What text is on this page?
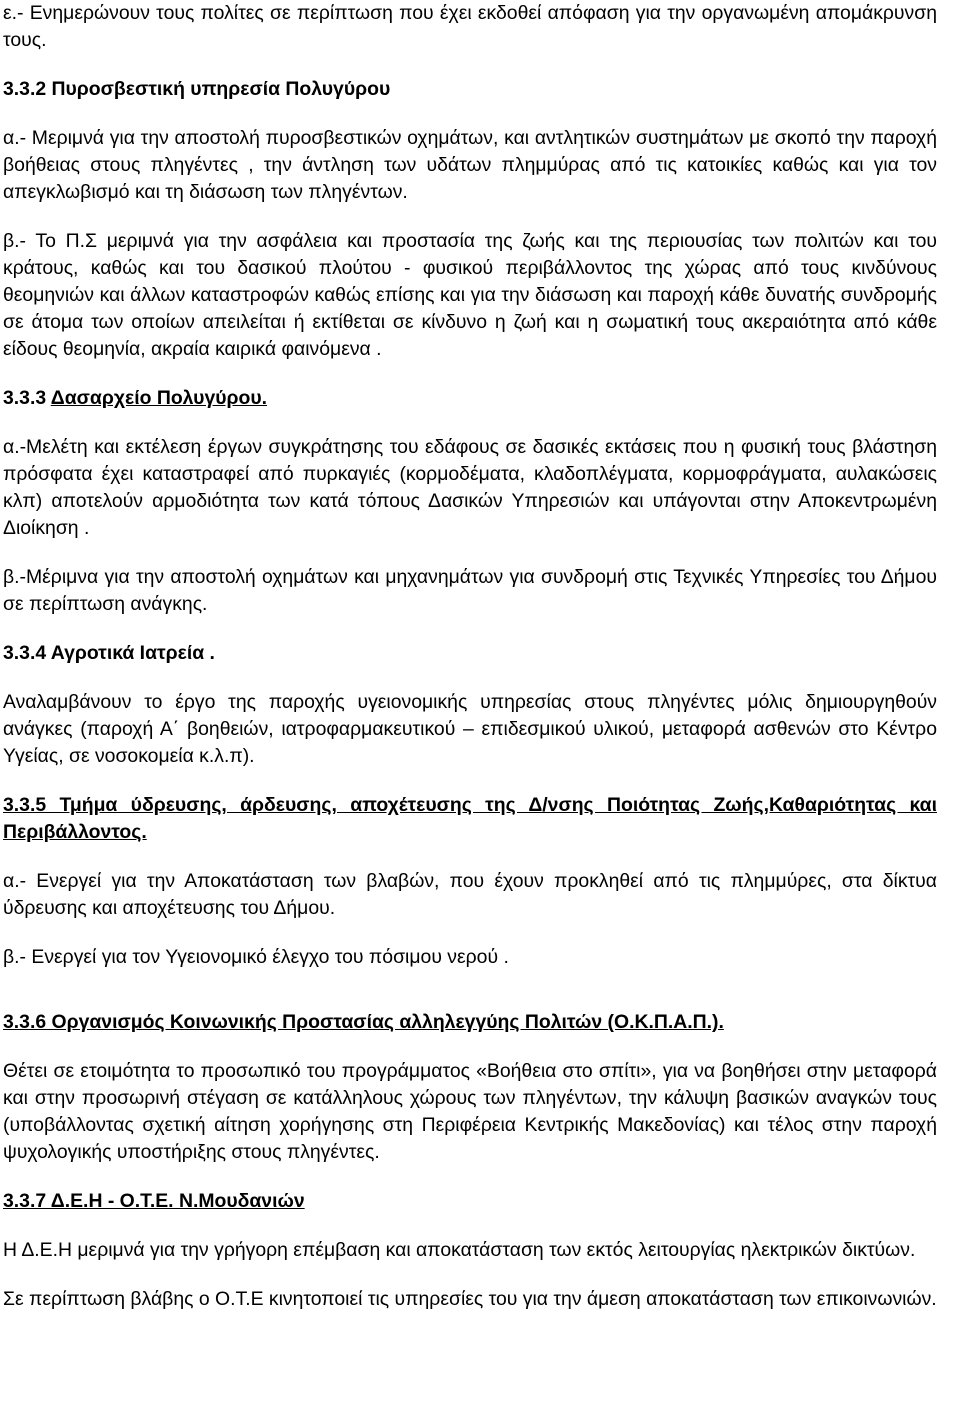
ε.- Ενημερώνουν τους πολίτες σε περίπτωση που έχει εκδοθεί απόφαση για την οργανωμένη απομάκρυνση τους.

3.3.2 Πυροσβεστική υπηρεσία Πολυγύρου

α.- Μεριμνά για την αποστολή πυροσβεστικών οχημάτων, και αντλητικών συστημάτων με σκοπό την παροχή βοήθειας στους πληγέντες , την άντληση των υδάτων πλημμύρας από τις κατοικίες καθώς και για τον απεγκλωβισμό και τη διάσωση των πληγέντων.

β.- Το Π.Σ μεριμνά για την ασφάλεια και προστασία της ζωής και της περιουσίας των πολιτών και του κράτους, καθώς και του δασικού πλούτου - φυσικού περιβάλλοντος της χώρας από τους κινδύνους θεομηνιών και άλλων καταστροφών καθώς επίσης και για την διάσωση και παροχή κάθε δυνατής συνδρομής σε άτομα των οποίων απειλείται ή εκτίθεται σε κίνδυνο η ζωή και η σωματική τους ακεραιότητα από κάθε είδους θεομηνία, ακραία καιρικά φαινόμενα .

3.3.3 Δασαρχείο Πολυγύρου.

α.-Μελέτη και εκτέλεση έργων συγκράτησης του εδάφους σε δασικές εκτάσεις που η φυσική τους βλάστηση πρόσφατα έχει καταστραφεί από πυρκαγιές (κορμοδέματα, κλαδοπλέγματα, κορμοφράγματα, αυλακώσεις κλπ) αποτελούν αρμοδιότητα των κατά τόπους Δασικών Υπηρεσιών και υπάγονται στην Αποκεντρωμένη Διοίκηση .

β.-Μέριμνα για την αποστολή οχημάτων και μηχανημάτων για συνδρομή στις Τεχνικές Υπηρεσίες του Δήμου σε περίπτωση ανάγκης.

3.3.4 Αγροτικά Ιατρεία .

Αναλαμβάνουν το έργο της παροχής υγειονομικής υπηρεσίας στους πληγέντες μόλις δημιουργηθούν ανάγκες (παροχή Α΄ βοηθειών, ιατροφαρμακευτικού – επιδεσμικού υλικού, μεταφορά ασθενών στο Κέντρο Υγείας, σε νοσοκομεία κ.λ.π).

3.3.5 Τμήμα ύδρευσης, άρδευσης, αποχέτευσης της Δ/νσης Ποιότητας Ζωής,Καθαριότητας και Περιβάλλοντος.

α.- Ενεργεί για την Αποκατάσταση των βλαβών, που έχουν προκληθεί από τις πλημμύρες, στα δίκτυα ύδρευσης και αποχέτευσης του Δήμου.

β.- Ενεργεί για τον Υγειονομικό έλεγχο του πόσιμου νερού .

3.3.6 Οργανισμός Κοινωνικής Προστασίας αλληλεγγύης Πολιτών (Ο.Κ.Π.Α.Π.).

Θέτει σε ετοιμότητα το προσωπικό του προγράμματος «Βοήθεια στο σπίτι», για να βοηθήσει στην μεταφορά και στην προσωρινή στέγαση σε κατάλληλους χώρους των πληγέντων, την κάλυψη βασικών αναγκών τους (υποβάλλοντας σχετική αίτηση χορήγησης στη Περιφέρεια Κεντρικής Μακεδονίας) και τέλος στην παροχή ψυχολογικής υποστήριξης στους πληγέντες.

3.3.7 Δ.Ε.Η - Ο.Τ.Ε. Ν.Μουδανιών

Η Δ.Ε.Η μεριμνά για την γρήγορη επέμβαση και αποκατάσταση των εκτός λειτουργίας ηλεκτρικών δικτύων.

Σε περίπτωση βλάβης ο Ο.Τ.Ε κινητοποιεί τις υπηρεσίες του για την άμεση αποκατάσταση των επικοινωνιών.
